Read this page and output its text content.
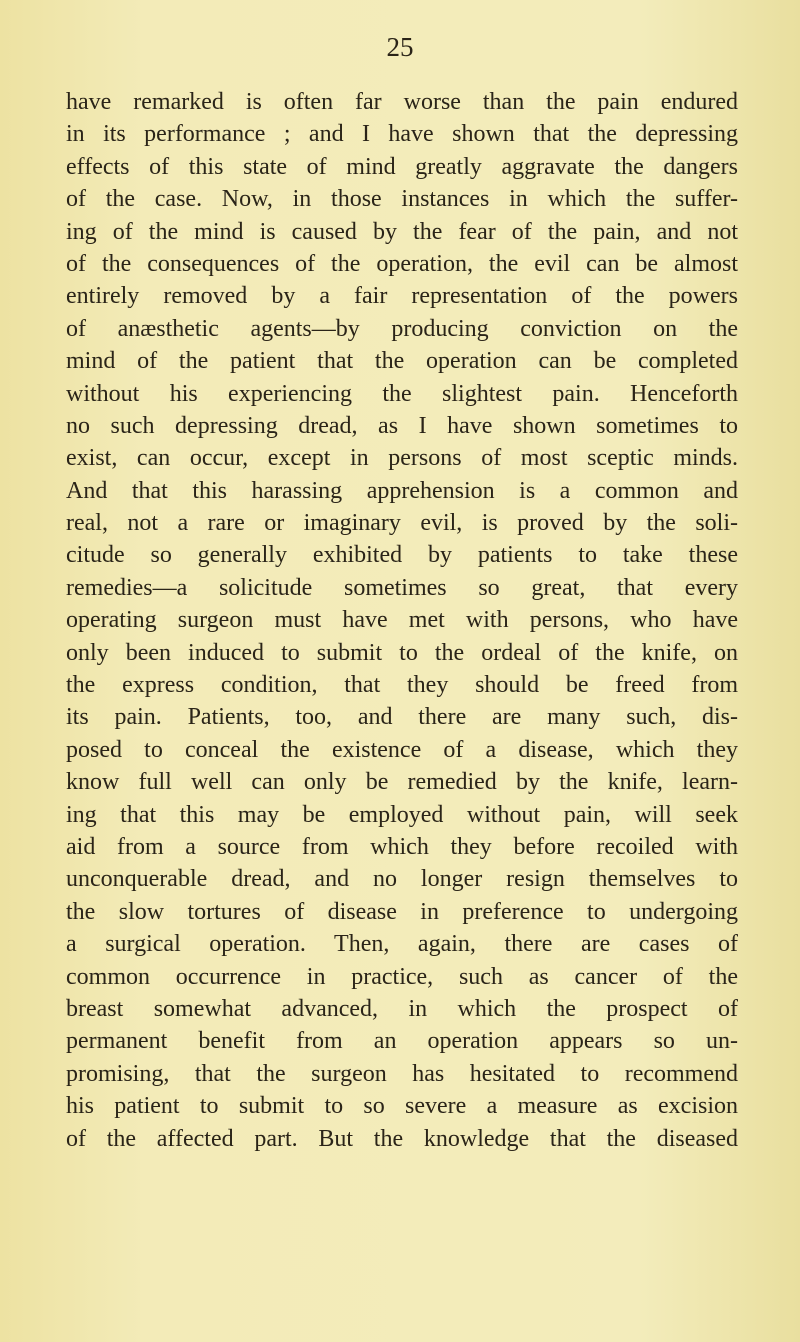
25
have remarked is often far worse than the pain endured
in its performance ; and I have shown that the depressing
effects of this state of mind greatly aggravate the dangers
of the case. Now, in those instances in which the suffer-
ing of the mind is caused by the fear of the pain, and not
of the consequences of the operation, the evil can be almost
entirely removed by a fair representation of the powers
of anæsthetic agents—by producing conviction on the
mind of the patient that the operation can be completed
without his experiencing the slightest pain. Henceforth
no such depressing dread, as I have shown sometimes to
exist, can occur, except in persons of most sceptic minds.
And that this harassing apprehension is a common and
real, not a rare or imaginary evil, is proved by the soli-
citude so generally exhibited by patients to take these
remedies—a solicitude sometimes so great, that every
operating surgeon must have met with persons, who have
only been induced to submit to the ordeal of the knife, on
the express condition, that they should be freed from
its pain. Patients, too, and there are many such, dis-
posed to conceal the existence of a disease, which they
know full well can only be remedied by the knife, learn-
ing that this may be employed without pain, will seek
aid from a source from which they before recoiled with
unconquerable dread, and no longer resign themselves to
the slow tortures of disease in preference to undergoing
a surgical operation. Then, again, there are cases of
common occurrence in practice, such as cancer of the
breast somewhat advanced, in which the prospect of
permanent benefit from an operation appears so un-
promising, that the surgeon has hesitated to recommend
his patient to submit to so severe a measure as excision
of the affected part. But the knowledge that the diseased
